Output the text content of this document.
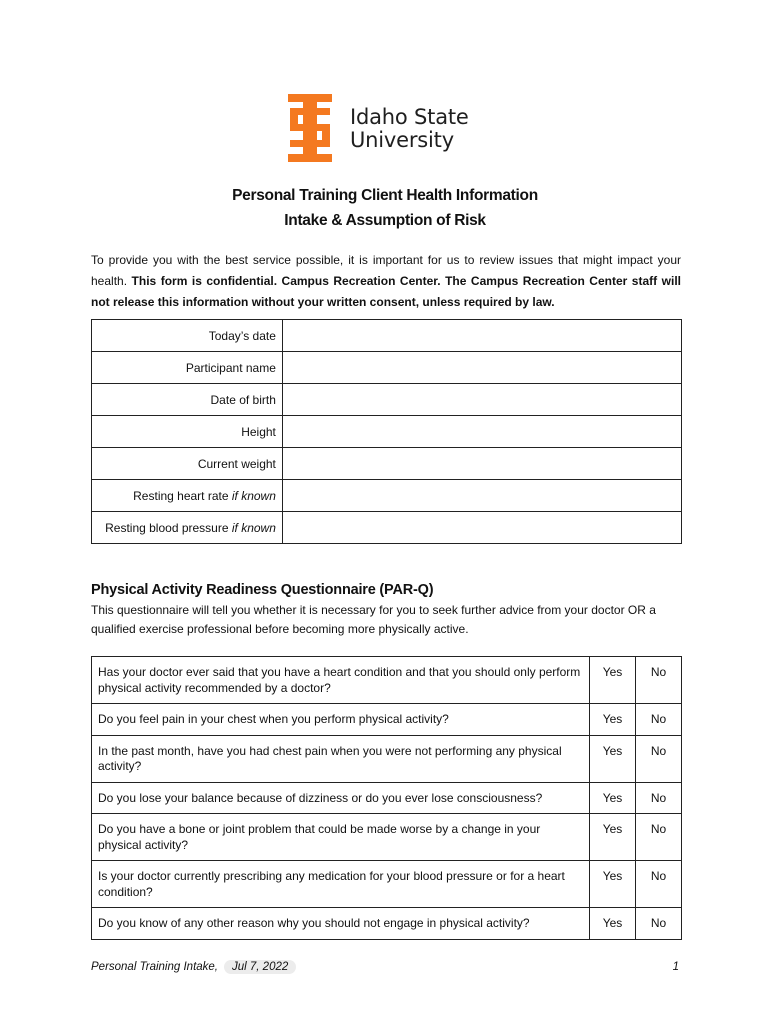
Idaho State
University
Personal Training Client Health Information
Intake & Assumption of Risk
To provide you with the best service possible, it is important for us to review issues that might impact your health. This form is confidential. Campus Recreation Center. The Campus Recreation Center staff will not release this information without your written consent, unless required by law.
Today’s date	
Participant name	
Date of birth	
Height	
Current weight	
Resting heart rate if known	
Resting blood pressure if known	
Physical Activity Readiness Questionnaire (PAR-Q)
This questionnaire will tell you whether it is necessary for you to seek further advice from your doctor OR a qualified exercise professional before becoming more physically active.
Has your doctor ever said that you have a heart condition and that you should only perform physical activity recommended by a doctor?	Yes	No
Do you feel pain in your chest when you perform physical activity?	Yes	No
In the past month, have you had chest pain when you were not performing any physical activity?	Yes	No
Do you lose your balance because of dizziness or do you ever lose consciousness?	Yes	No
Do you have a bone or joint problem that could be made worse by a change in your physical activity?	Yes	No
Is your doctor currently prescribing any medication for your blood pressure or for a heart condition?	Yes	No
Do you know of any other reason why you should not engage in physical activity?	Yes	No
Personal Training Intake, Jul 7, 2022	1
